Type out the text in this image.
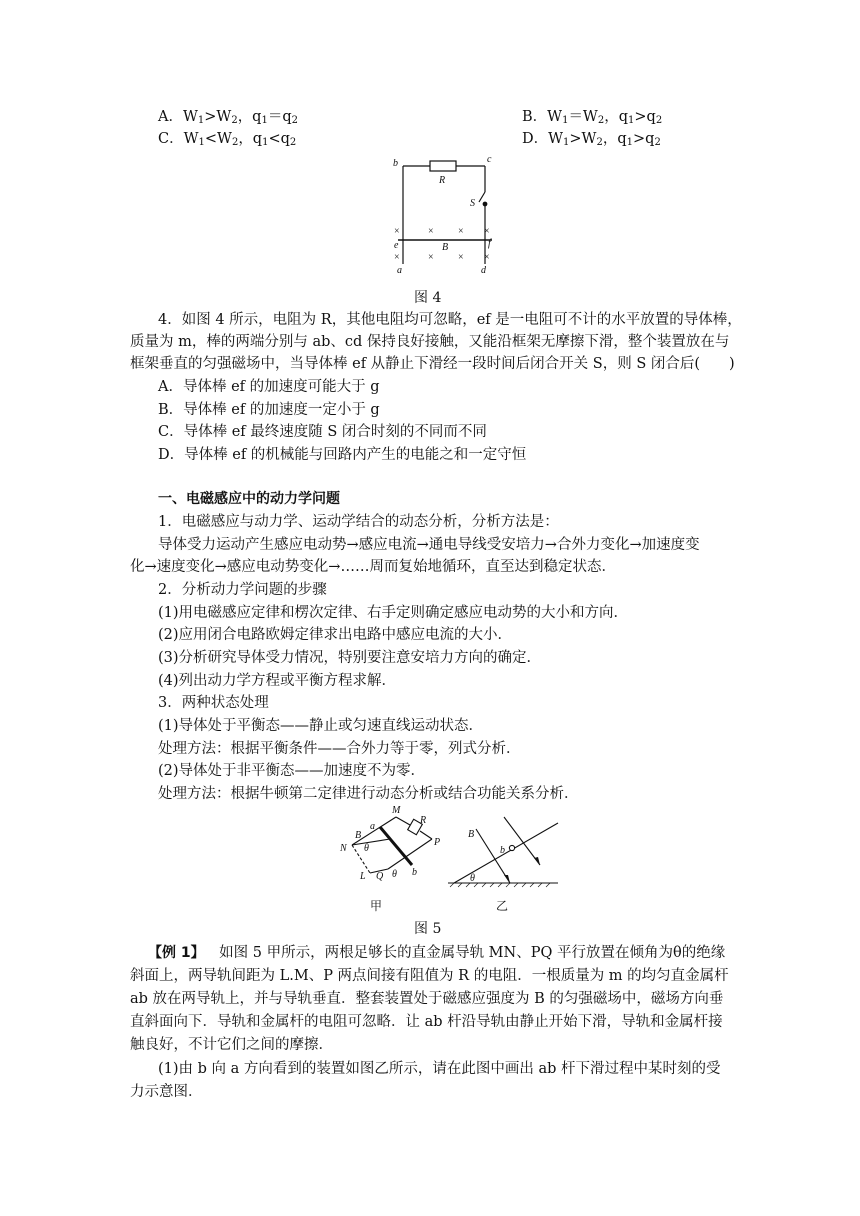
A．$W_1>W_2$，$q_1=q_2$	B．$W_1=W_2$，$q_1>q_2$
C．$W_1<W_2$，$q_1<q_2$	D．$W_1>W_2$，$q_1>q_2$
b	c
R
S
e	f
B
a	d
×	× × ×
×	× × ×
图 4
4．如图 4 所示，电阻为 R，其他电阻均可忽略，ef 是一电阻可不计的水平放置的导体棒，
质量为 m，棒的两端分别与 ab、cd 保持良好接触，又能沿框架无摩擦下滑，整个装置放在与
框架垂直的匀强磁场中，当导体棒 ef 从静止下滑经一段时间后闭合开关 S，则 S 闭合后(　　)
A．导体棒 ef 的加速度可能大于 g
B．导体棒 ef 的加速度一定小于 g
C．导体棒 ef 最终速度随 S 闭合时刻的不同而不同
D．导体棒 ef 的机械能与回路内产生的电能之和一定守恒
一、电磁感应中的动力学问题
1．电磁感应与动力学、运动学结合的动态分析，分析方法是：
导体受力运动产生感应电动势→感应电流→通电导线受安培力→合外力变化→加速度变
化→速度变化→感应电动势变化→……周而复始地循环，直至达到稳定状态．
2．分析动力学问题的步骤
(1)用电磁感应定律和楞次定律、右手定则确定感应电动势的大小和方向．
(2)应用闭合电路欧姆定律求出电路中感应电流的大小．
(3)分析研究导体受力情况，特别要注意安培力方向的确定．
(4)列出动力学方程或平衡方程求解．
3．两种状态处理
(1)导体处于平衡态——静止或匀速直线运动状态．
处理方法：根据平衡条件——合外力等于零，列式分析．
(2)导体处于非平衡态——加速度不为零．
处理方法：根据牛顿第二定律进行动态分析或结合功能关系分析．
M
R
a
B
P
N θ
b
L Q θ
甲
B
b
θ
乙
图 5
【例 1】  如图 5 甲所示，两根足够长的直金属导轨 MN、PQ 平行放置在倾角为θ的绝缘
斜面上，两导轨间距为 L.M、P 两点间接有阻值为 R 的电阻．一根质量为 m 的均匀直金属杆
ab 放在两导轨上，并与导轨垂直．整套装置处于磁感应强度为 B 的匀强磁场中，磁场方向垂
直斜面向下．导轨和金属杆的电阻可忽略．让 ab 杆沿导轨由静止开始下滑，导轨和金属杆接
触良好，不计它们之间的摩擦．
(1)由 b 向 a 方向看到的装置如图乙所示，请在此图中画出 ab 杆下滑过程中某时刻的受
力示意图．
